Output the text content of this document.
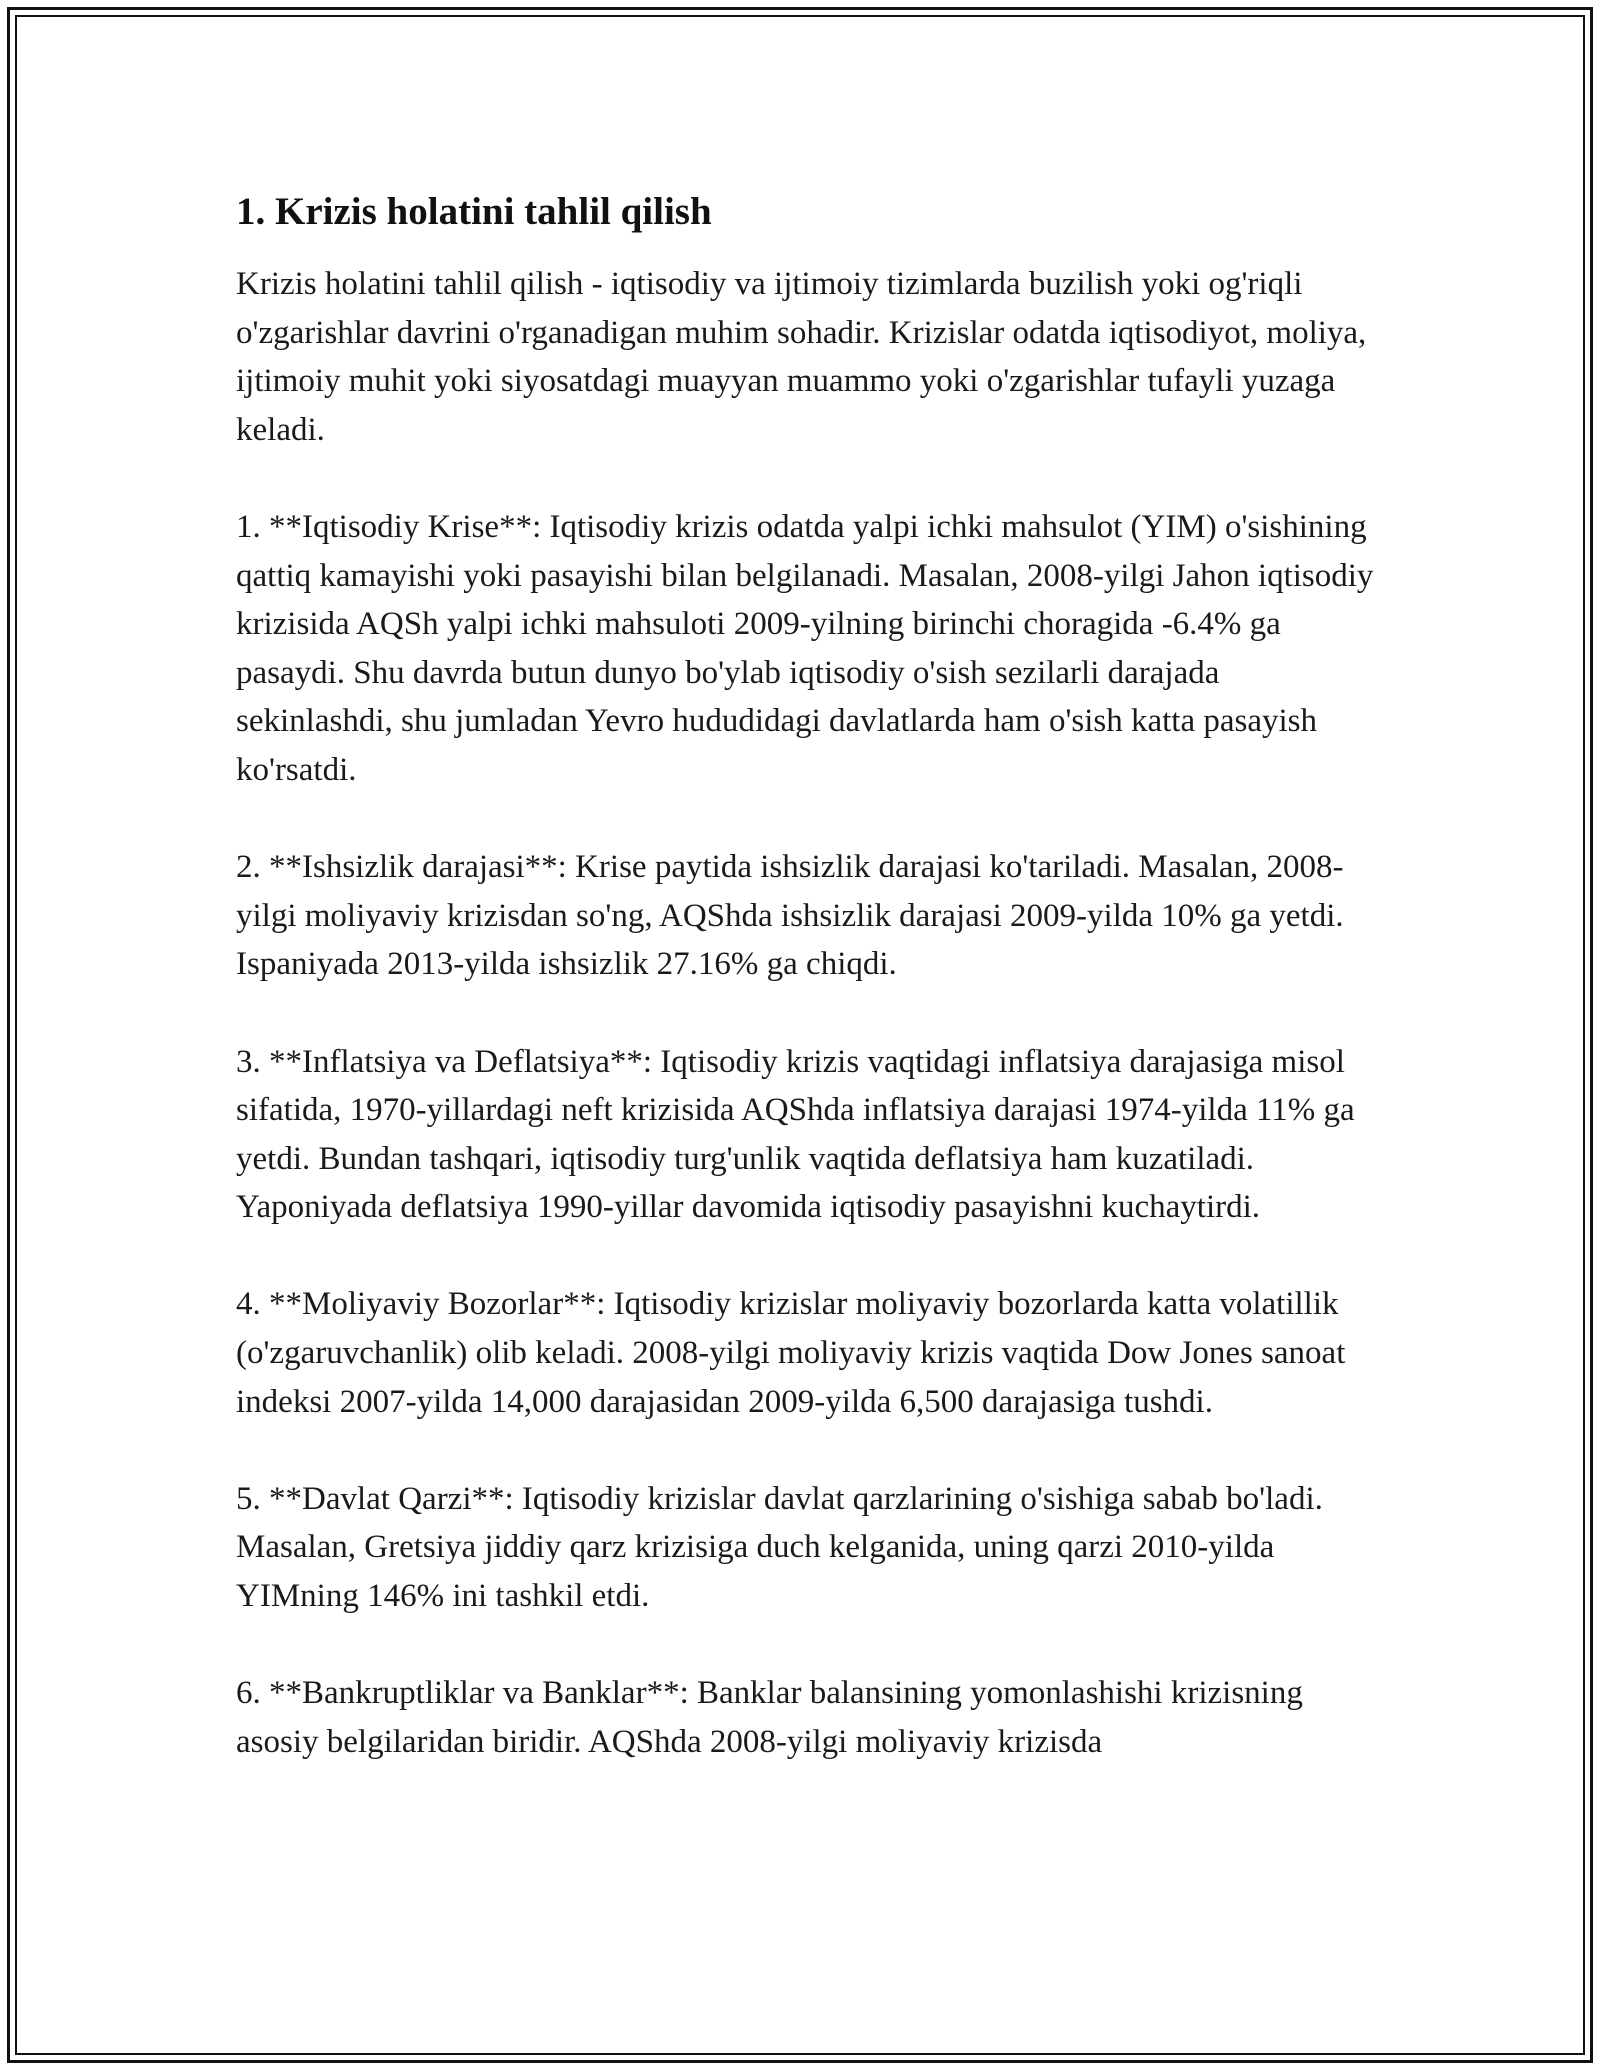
1. Krizis holatini tahlil qilish

Krizis holatini tahlil qilish - iqtisodiy va ijtimoiy tizimlarda buzilish yoki og'riqli o'zgarishlar davrini o'rganadigan muhim sohadir. Krizislar odatda iqtisodiyot, moliya, ijtimoiy muhit yoki siyosatdagi muayyan muammo yoki o'zgarishlar tufayli yuzaga keladi.

1. **Iqtisodiy Krise**: Iqtisodiy krizis odatda yalpi ichki mahsulot (YIM) o'sishining qattiq kamayishi yoki pasayishi bilan belgilanadi. Masalan, 2008-yilgi Jahon iqtisodiy krizisida AQSh yalpi ichki mahsuloti 2009-yilning birinchi choragida -6.4% ga pasaydi. Shu davrda butun dunyo bo'ylab iqtisodiy o'sish sezilarli darajada sekinlashdi, shu jumladan Yevro hududidagi davlatlarda ham o'sish katta pasayish ko'rsatdi.

2. **Ishsizlik darajasi**: Krise paytida ishsizlik darajasi ko'tariladi. Masalan, 2008-yilgi moliyaviy krizisdan so'ng, AQShda ishsizlik darajasi 2009-yilda 10% ga yetdi. Ispaniyada 2013-yilda ishsizlik 27.16% ga chiqdi.

3. **Inflatsiya va Deflatsiya**: Iqtisodiy krizis vaqtidagi inflatsiya darajasiga misol sifatida, 1970-yillardagi neft krizisida AQShda inflatsiya darajasi 1974-yilda 11% ga yetdi. Bundan tashqari, iqtisodiy turg'unlik vaqtida deflatsiya ham kuzatiladi. Yaponiyada deflatsiya 1990-yillar davomida iqtisodiy pasayishni kuchaytirdi.

4. **Moliyaviy Bozorlar**: Iqtisodiy krizislar moliyaviy bozorlarda katta volatillik (o'zgaruvchanlik) olib keladi. 2008-yilgi moliyaviy krizis vaqtida Dow Jones sanoat indeksi 2007-yilda 14,000 darajasidan 2009-yilda 6,500 darajasiga tushdi.

5. **Davlat Qarzi**: Iqtisodiy krizislar davlat qarzlarining o'sishiga sabab bo'ladi. Masalan, Gretsiya jiddiy qarz krizisiga duch kelganida, uning qarzi 2010-yilda YIMning 146% ini tashkil etdi.

6. **Bankruptliklar va Banklar**: Banklar balansining yomonlashishi krizisning asosiy belgilaridan biridir. AQShda 2008-yilgi moliyaviy krizisda
